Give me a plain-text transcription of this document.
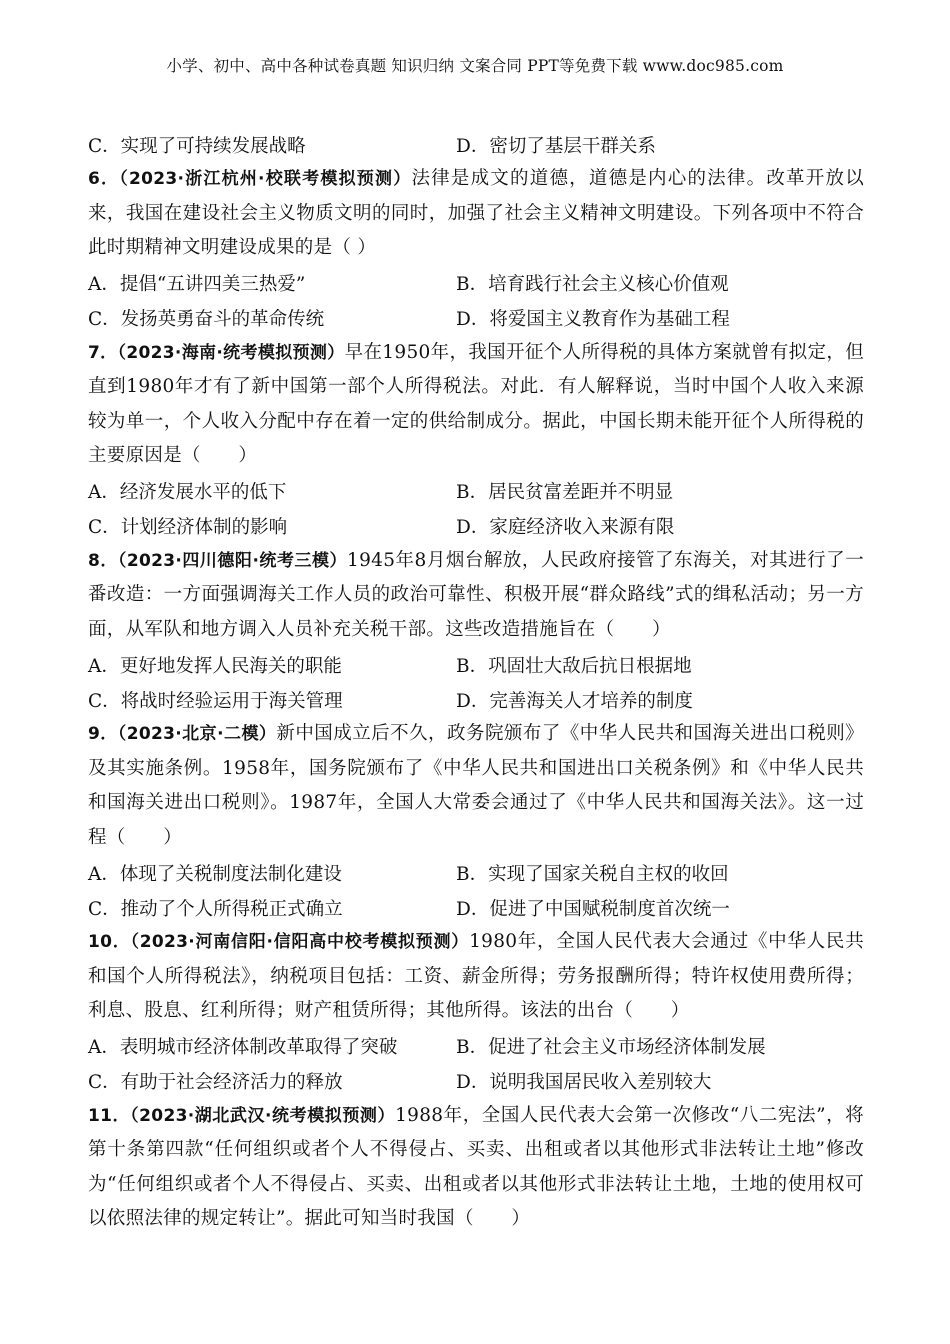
小学、初中、高中各种试卷真题 知识归纳 文案合同 PPT等免费下载 www.doc985.com
C．实现了可持续发展战略	D．密切了基层干群关系

6．（2023·浙江杭州·校联考模拟预测）法律是成文的道德，道德是内心的法律。改革开放以来，我国在建设社会主义物质文明的同时，加强了社会主义精神文明建设。下列各项中不符合此时期精神文明建设成果的是（ ）

A．提倡“五讲四美三热爱”	B．培育践行社会主义核心价值观
C．发扬英勇奋斗的革命传统	D．将爱国主义教育作为基础工程

7．（2023·海南·统考模拟预测）早在1950年，我国开征个人所得税的具体方案就曾有拟定，但直到1980年才有了新中国第一部个人所得税法。对此．有人解释说，当时中国个人收入来源较为单一，个人收入分配中存在着一定的供给制成分。据此，中国长期未能开征个人所得税的主要原因是（　　）

A．经济发展水平的低下	B．居民贫富差距并不明显
C．计划经济体制的影响	D．家庭经济收入来源有限

8．（2023·四川德阳·统考三模）1945年8月烟台解放，人民政府接管了东海关，对其进行了一番改造：一方面强调海关工作人员的政治可靠性、积极开展“群众路线”式的缉私活动；另一方面，从军队和地方调入人员补充关税干部。这些改造措施旨在（　　）

A．更好地发挥人民海关的职能	B．巩固壮大敌后抗日根据地
C．将战时经验运用于海关管理	D．完善海关人才培养的制度

9．（2023·北京·二模）新中国成立后不久，政务院颁布了《中华人民共和国海关进出口税则》及其实施条例。1958年，国务院颁布了《中华人民共和国进出口关税条例》和《中华人民共和国海关进出口税则》。1987年，全国人大常委会通过了《中华人民共和国海关法》。这一过程（　　）

A．体现了关税制度法制化建设	B．实现了国家关税自主权的收回
C．推动了个人所得税正式确立	D．促进了中国赋税制度首次统一

10．（2023·河南信阳·信阳高中校考模拟预测）1980年，全国人民代表大会通过《中华人民共和国个人所得税法》，纳税项目包括：工资、薪金所得；劳务报酬所得；特许权使用费所得；利息、股息、红利所得；财产租赁所得；其他所得。该法的出台（　　）

A．表明城市经济体制改革取得了突破	B．促进了社会主义市场经济体制发展
C．有助于社会经济活力的释放	D．说明我国居民收入差别较大

11．（2023·湖北武汉·统考模拟预测）1988年，全国人民代表大会第一次修改“八二宪法”，将第十条第四款“任何组织或者个人不得侵占、买卖、出租或者以其他形式非法转让土地”修改为“任何组织或者个人不得侵占、买卖、出租或者以其他形式非法转让土地，土地的使用权可以依照法律的规定转让”。据此可知当时我国（　　）
